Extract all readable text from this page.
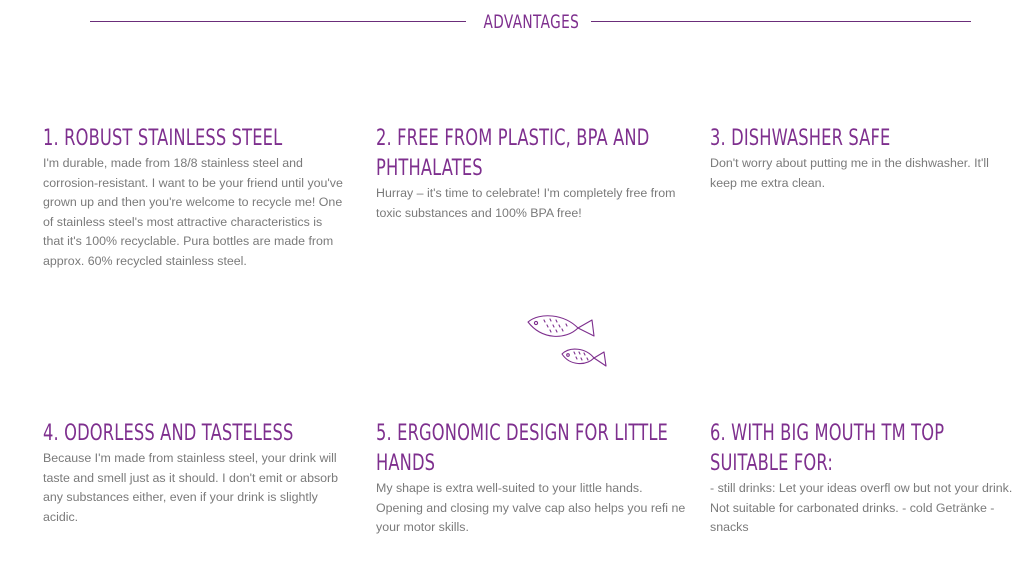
ADVANTAGES
1. ROBUST STAINLESS STEEL

I'm durable, made from 18/8 stainless steel and corrosion-resistant. I want to be your friend until you've grown up and then you're welcome to recycle me! One of stainless steel's most attractive characteristics is that it's 100% recyclable. Pura bottles are made from approx. 60% recycled stainless steel.

2. FREE FROM PLASTIC, BPA AND PHTHALATES

Hurray – it's time to celebrate! I'm completely free from toxic substances and 100% BPA free!

3. DISHWASHER SAFE

Don't worry about putting me in the dishwasher. It'll keep me extra clean.

4. ODORLESS AND TASTELESS

Because I'm made from stainless steel, your drink will taste and smell just as it should. I don't emit or absorb any substances either, even if your drink is slightly acidic.

5. ERGONOMIC DESIGN FOR LITTLE HANDS

My shape is extra well-suited to your little hands. Opening and closing my valve cap also helps you refi ne your motor skills.

6. WITH BIG MOUTH TM TOP SUITABLE FOR:

- still drinks: Let your ideas overfl ow but not your drink. Not suitable for carbonated drinks. - cold Getränke - snacks
